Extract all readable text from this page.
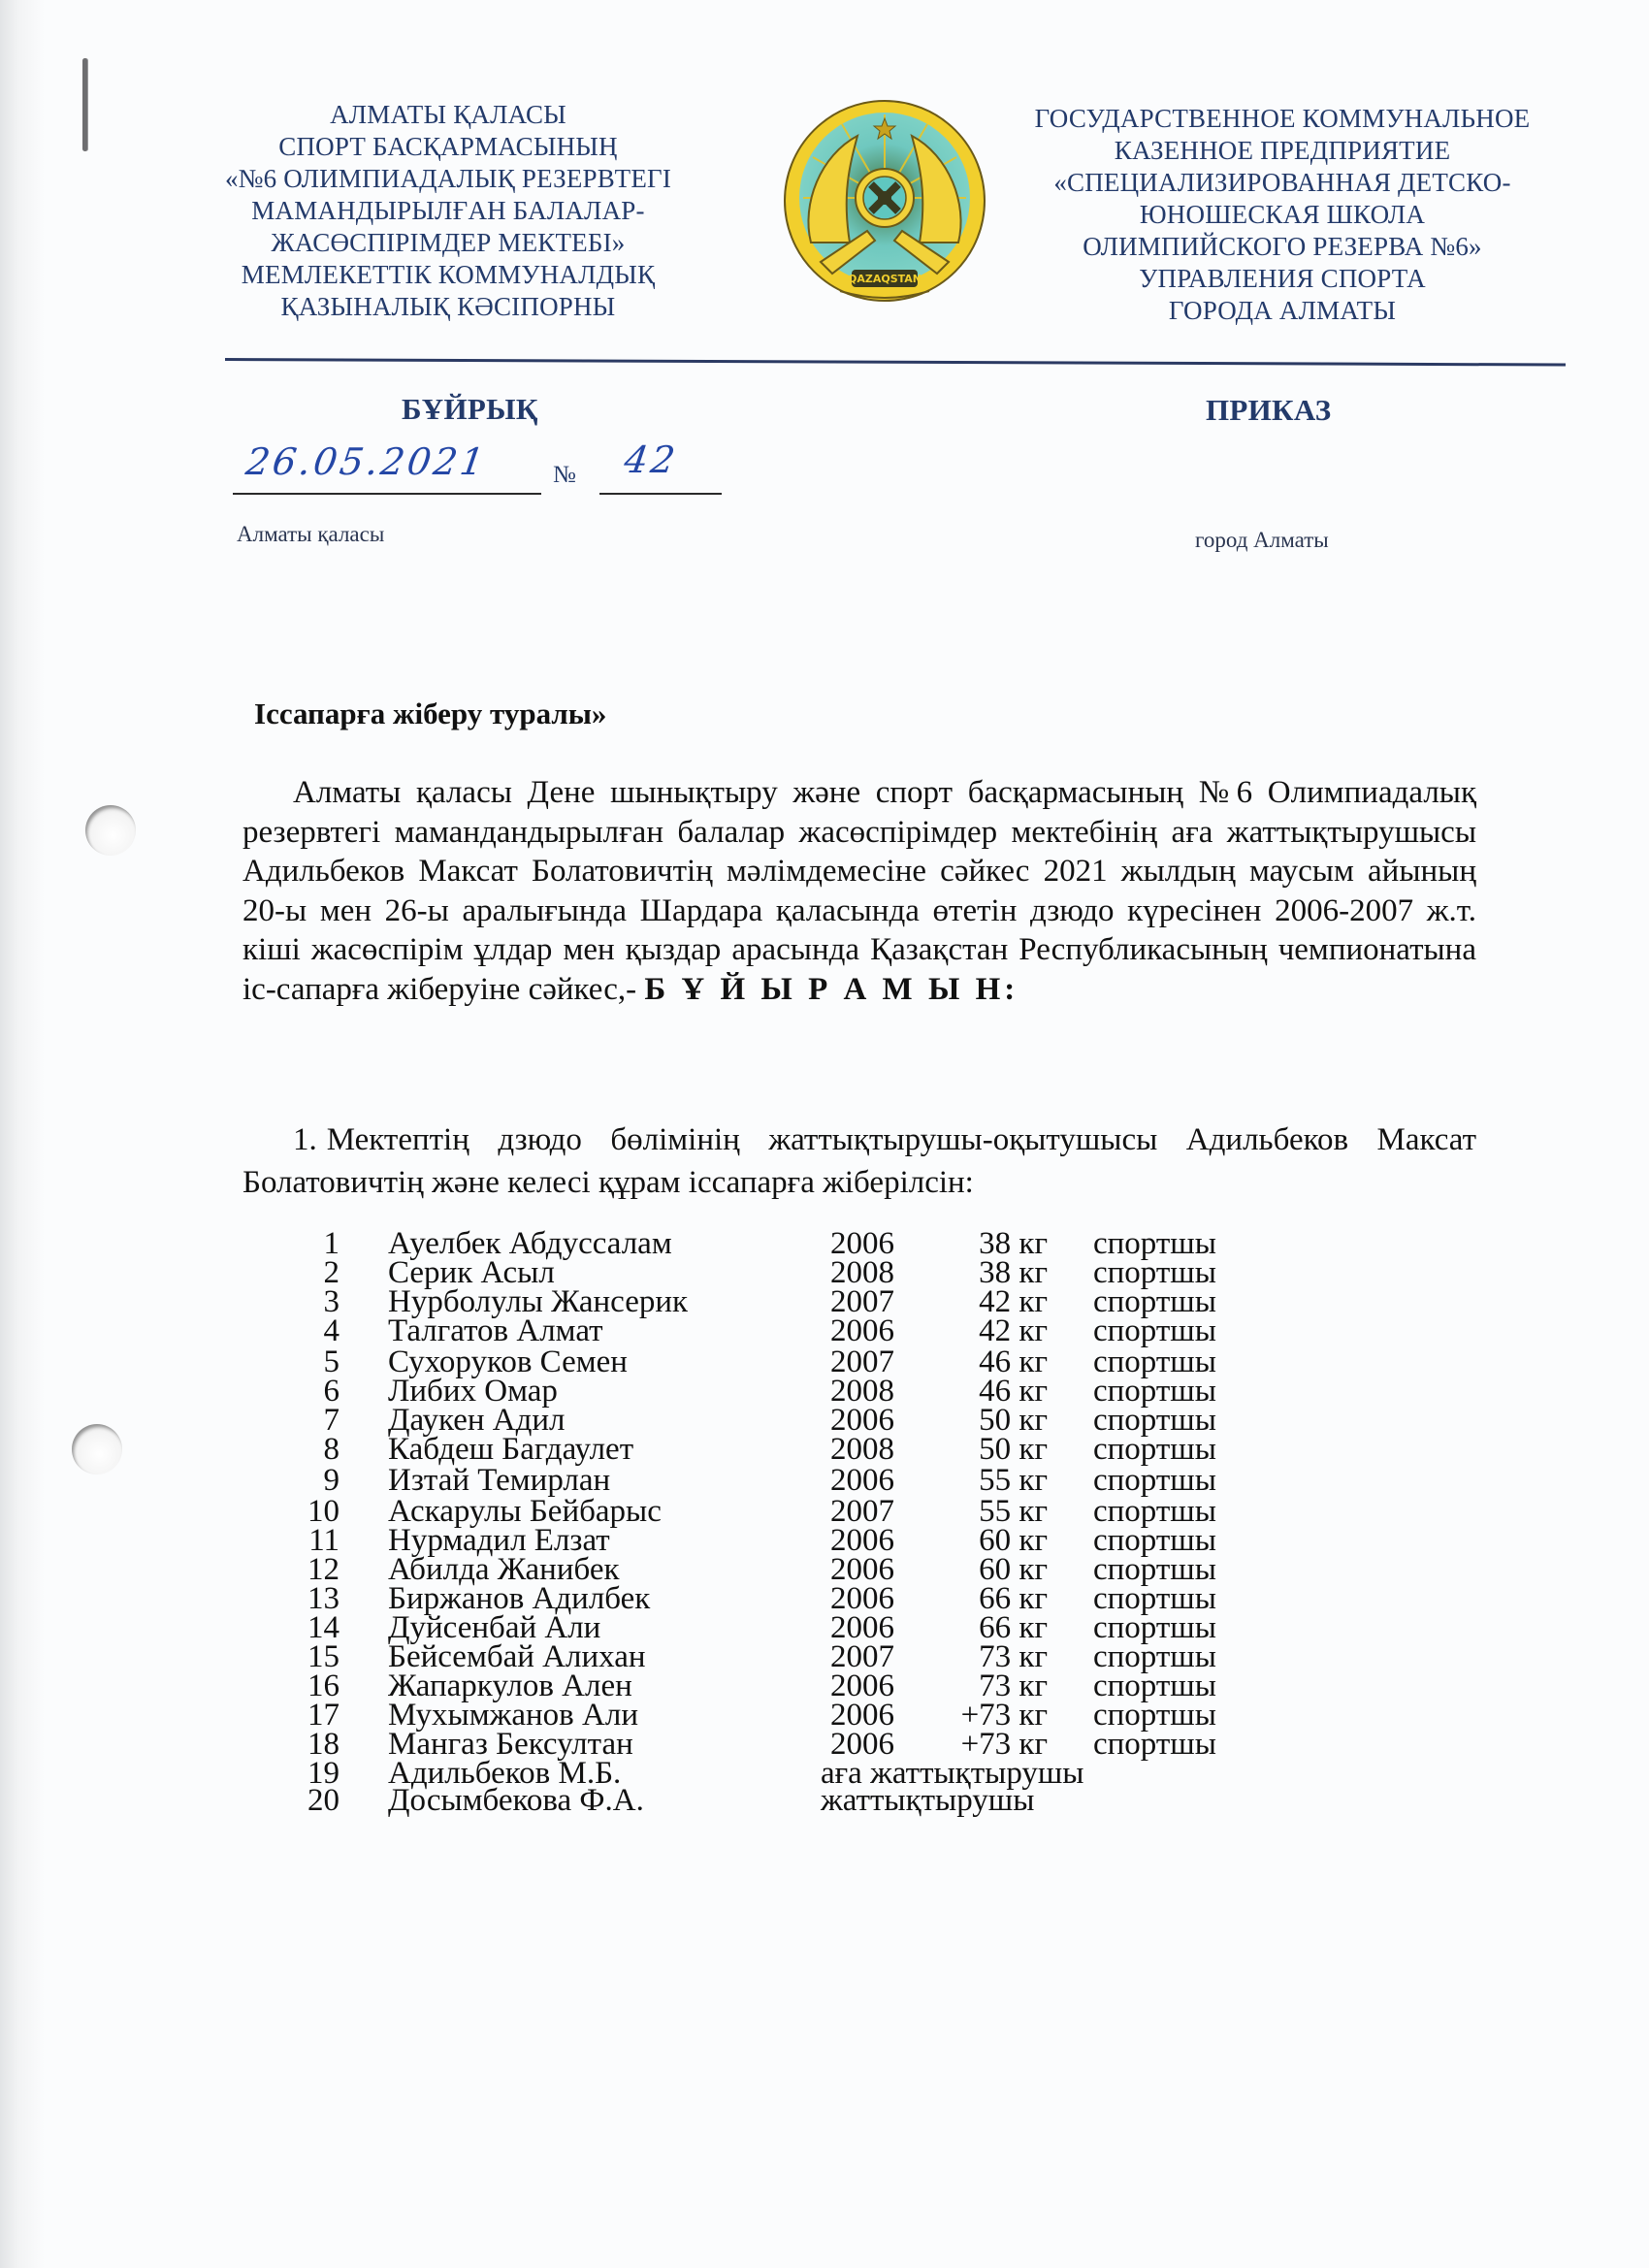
АЛМАТЫ ҚАЛАСЫ
СПОРТ БАСҚАРМАСЫНЫҢ
«№6 ОЛИМПИАДАЛЫҚ РЕЗЕРВТЕГІ
МАМАНДЫРЫЛҒАН БАЛАЛАР-
ЖАСӨСПІРІМДЕР МЕКТЕБІ»
МЕМЛЕКЕТТІК КОММУНАЛДЫҚ
ҚАЗЫНАЛЫҚ КӘСІПОРНЫ
QAZAQSTAN
ГОСУДАРСТВЕННОЕ КОММУНАЛЬНОЕ
КАЗЕННОЕ ПРЕДПРИЯТИЕ
«СПЕЦИАЛИЗИРОВАННАЯ ДЕТСКО-
ЮНОШЕСКАЯ ШКОЛА
ОЛИМПИЙСКОГО РЕЗЕРВА №6»
УПРАВЛЕНИЯ СПОРТА
ГОРОДА АЛМАТЫ
БҰЙРЫҚ	ПРИКАЗ
26.05.2021	№ 42
Алматы қаласы	город Алматы
Іссапарға жіберу туралы»
Алматы қаласы Дене шынықтыру және спорт басқармасының №6 Олимпиадалық резервтегі мамандандырылған балалар жасөспірімдер мектебінің аға жаттықтырушысы Адильбеков Максат Болатовичтің мәлімдемесіне сәйкес 2021 жылдың маусым айының 20-ы мен 26-ы аралығында Шардара қаласында өтетін дзюдо күресінен 2006-2007 ж.т. кіші жасөспірім ұлдар мен қыздар арасында Қазақстан Республикасының чемпионатына іс-сапарға жіберуіне сәйкес,- Б Ұ Й Ы Р А М Ы Н:
1. Мектептің дзюдо бөлімінің жаттықтырушы-оқытушысы Адильбеков Максат Болатовичтің және келесі құрам іссапарға жіберілсін:
1 Ауелбек Абдуссалам	2006	38 кг спортшы
2 Серик Асыл	2008	38 кг спортшы
3 Нурболулы Жансерик	2007	42 кг спортшы
4 Талгатов Алмат	2006	42 кг спортшы
5 Сухоруков Семен	2007	46 кг спортшы
6 Либих Омар	2008	46 кг спортшы
7 Даукен Адил	2006	50 кг спортшы
8 Кабдеш Багдаулет	2008	50 кг спортшы
9 Изтай Темирлан	2006	55 кг спортшы
10 Аскарулы Бейбарыс	2007	55 кг спортшы
11 Нурмадил Елзат	2006	60 кг спортшы
12 Абилда Жанибек	2006	60 кг спортшы
13 Биржанов Адилбек	2006	66 кг спортшы
14 Дуйсенбай Али	2006	66 кг спортшы
15 Бейсембай Алихан	2007	73 кг спортшы
16 Жапаркулов Ален	2006	73 кг спортшы
17 Мухымжанов Али	2006 +73 кг спортшы
18 Мангаз Бексултан	2006 +73 кг спортшы
19 Адильбеков М.Б.	аға жаттықтырушы
20 Досымбекова Ф.А.	жаттықтырушы
